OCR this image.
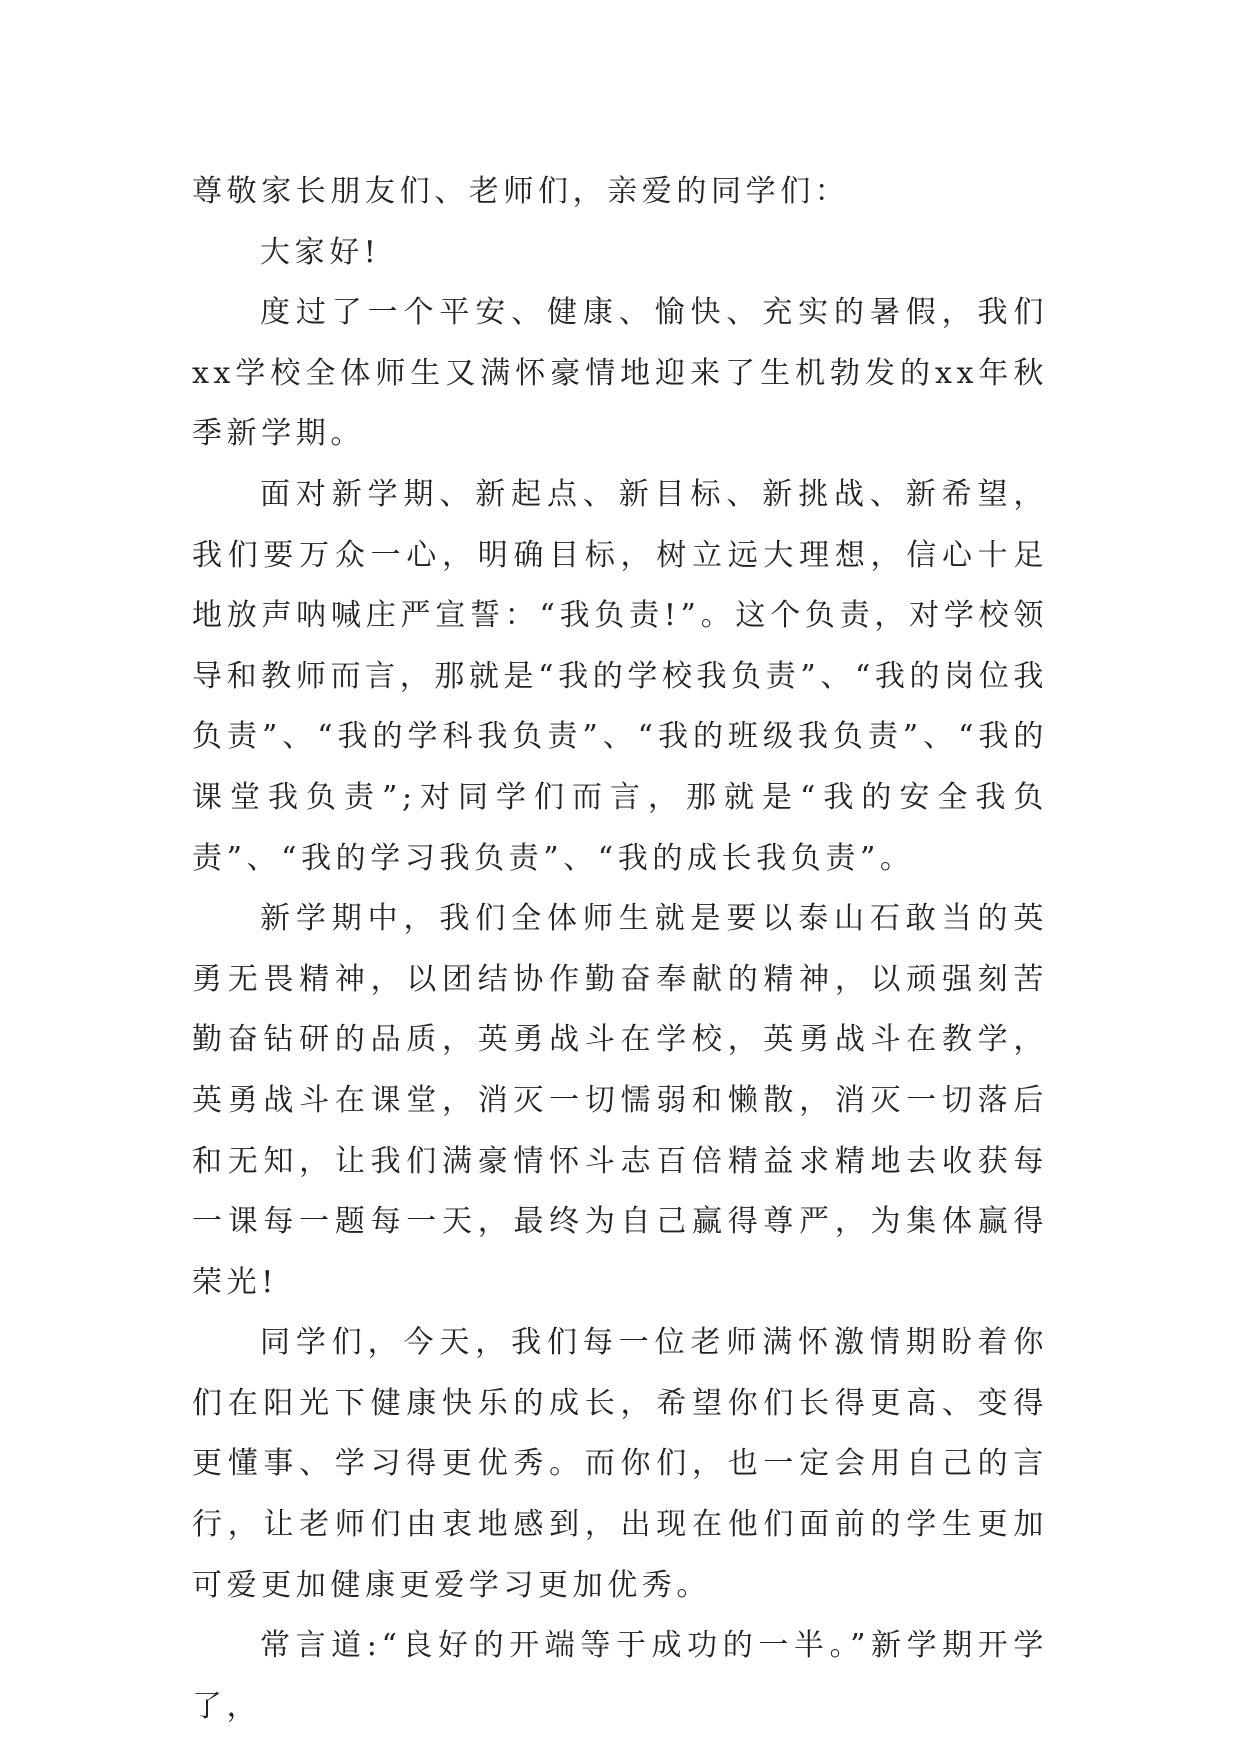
尊敬家长朋友们、老师们，亲爱的同学们：

大家好!

度过了一个平安、健康、愉快、充实的暑假，我们xx学校全体师生又满怀豪情地迎来了生机勃发的xx年秋季新学期。

面对新学期、新起点、新目标、新挑战、新希望，我们要万众一心，明确目标，树立远大理想，信心十足地放声呐喊庄严宣誓：“我负责!”。这个负责，对学校领导和教师而言，那就是“我的学校我负责”、“我的岗位我负责”、“我的学科我负责”、“我的班级我负责”、“我的课堂我负责”;对同学们而言，那就是“我的安全我负责”、“我的学习我负责”、“我的成长我负责”。

新学期中，我们全体师生就是要以泰山石敢当的英勇无畏精神，以团结协作勤奋奉献的精神，以顽强刻苦勤奋钻研的品质，英勇战斗在学校，英勇战斗在教学，英勇战斗在课堂，消灭一切懦弱和懒散，消灭一切落后和无知，让我们满豪情怀斗志百倍精益求精地去收获每一课每一题每一天，最终为自己赢得尊严，为集体赢得荣光!

同学们，今天，我们每一位老师满怀激情期盼着你们在阳光下健康快乐的成长，希望你们长得更高、变得更懂事、学习得更优秀。而你们，也一定会用自己的言行，让老师们由衷地感到，出现在他们面前的学生更加可爱更加健康更爱学习更加优秀。

常言道:“良好的开端等于成功的一半。”新学期开学了，
